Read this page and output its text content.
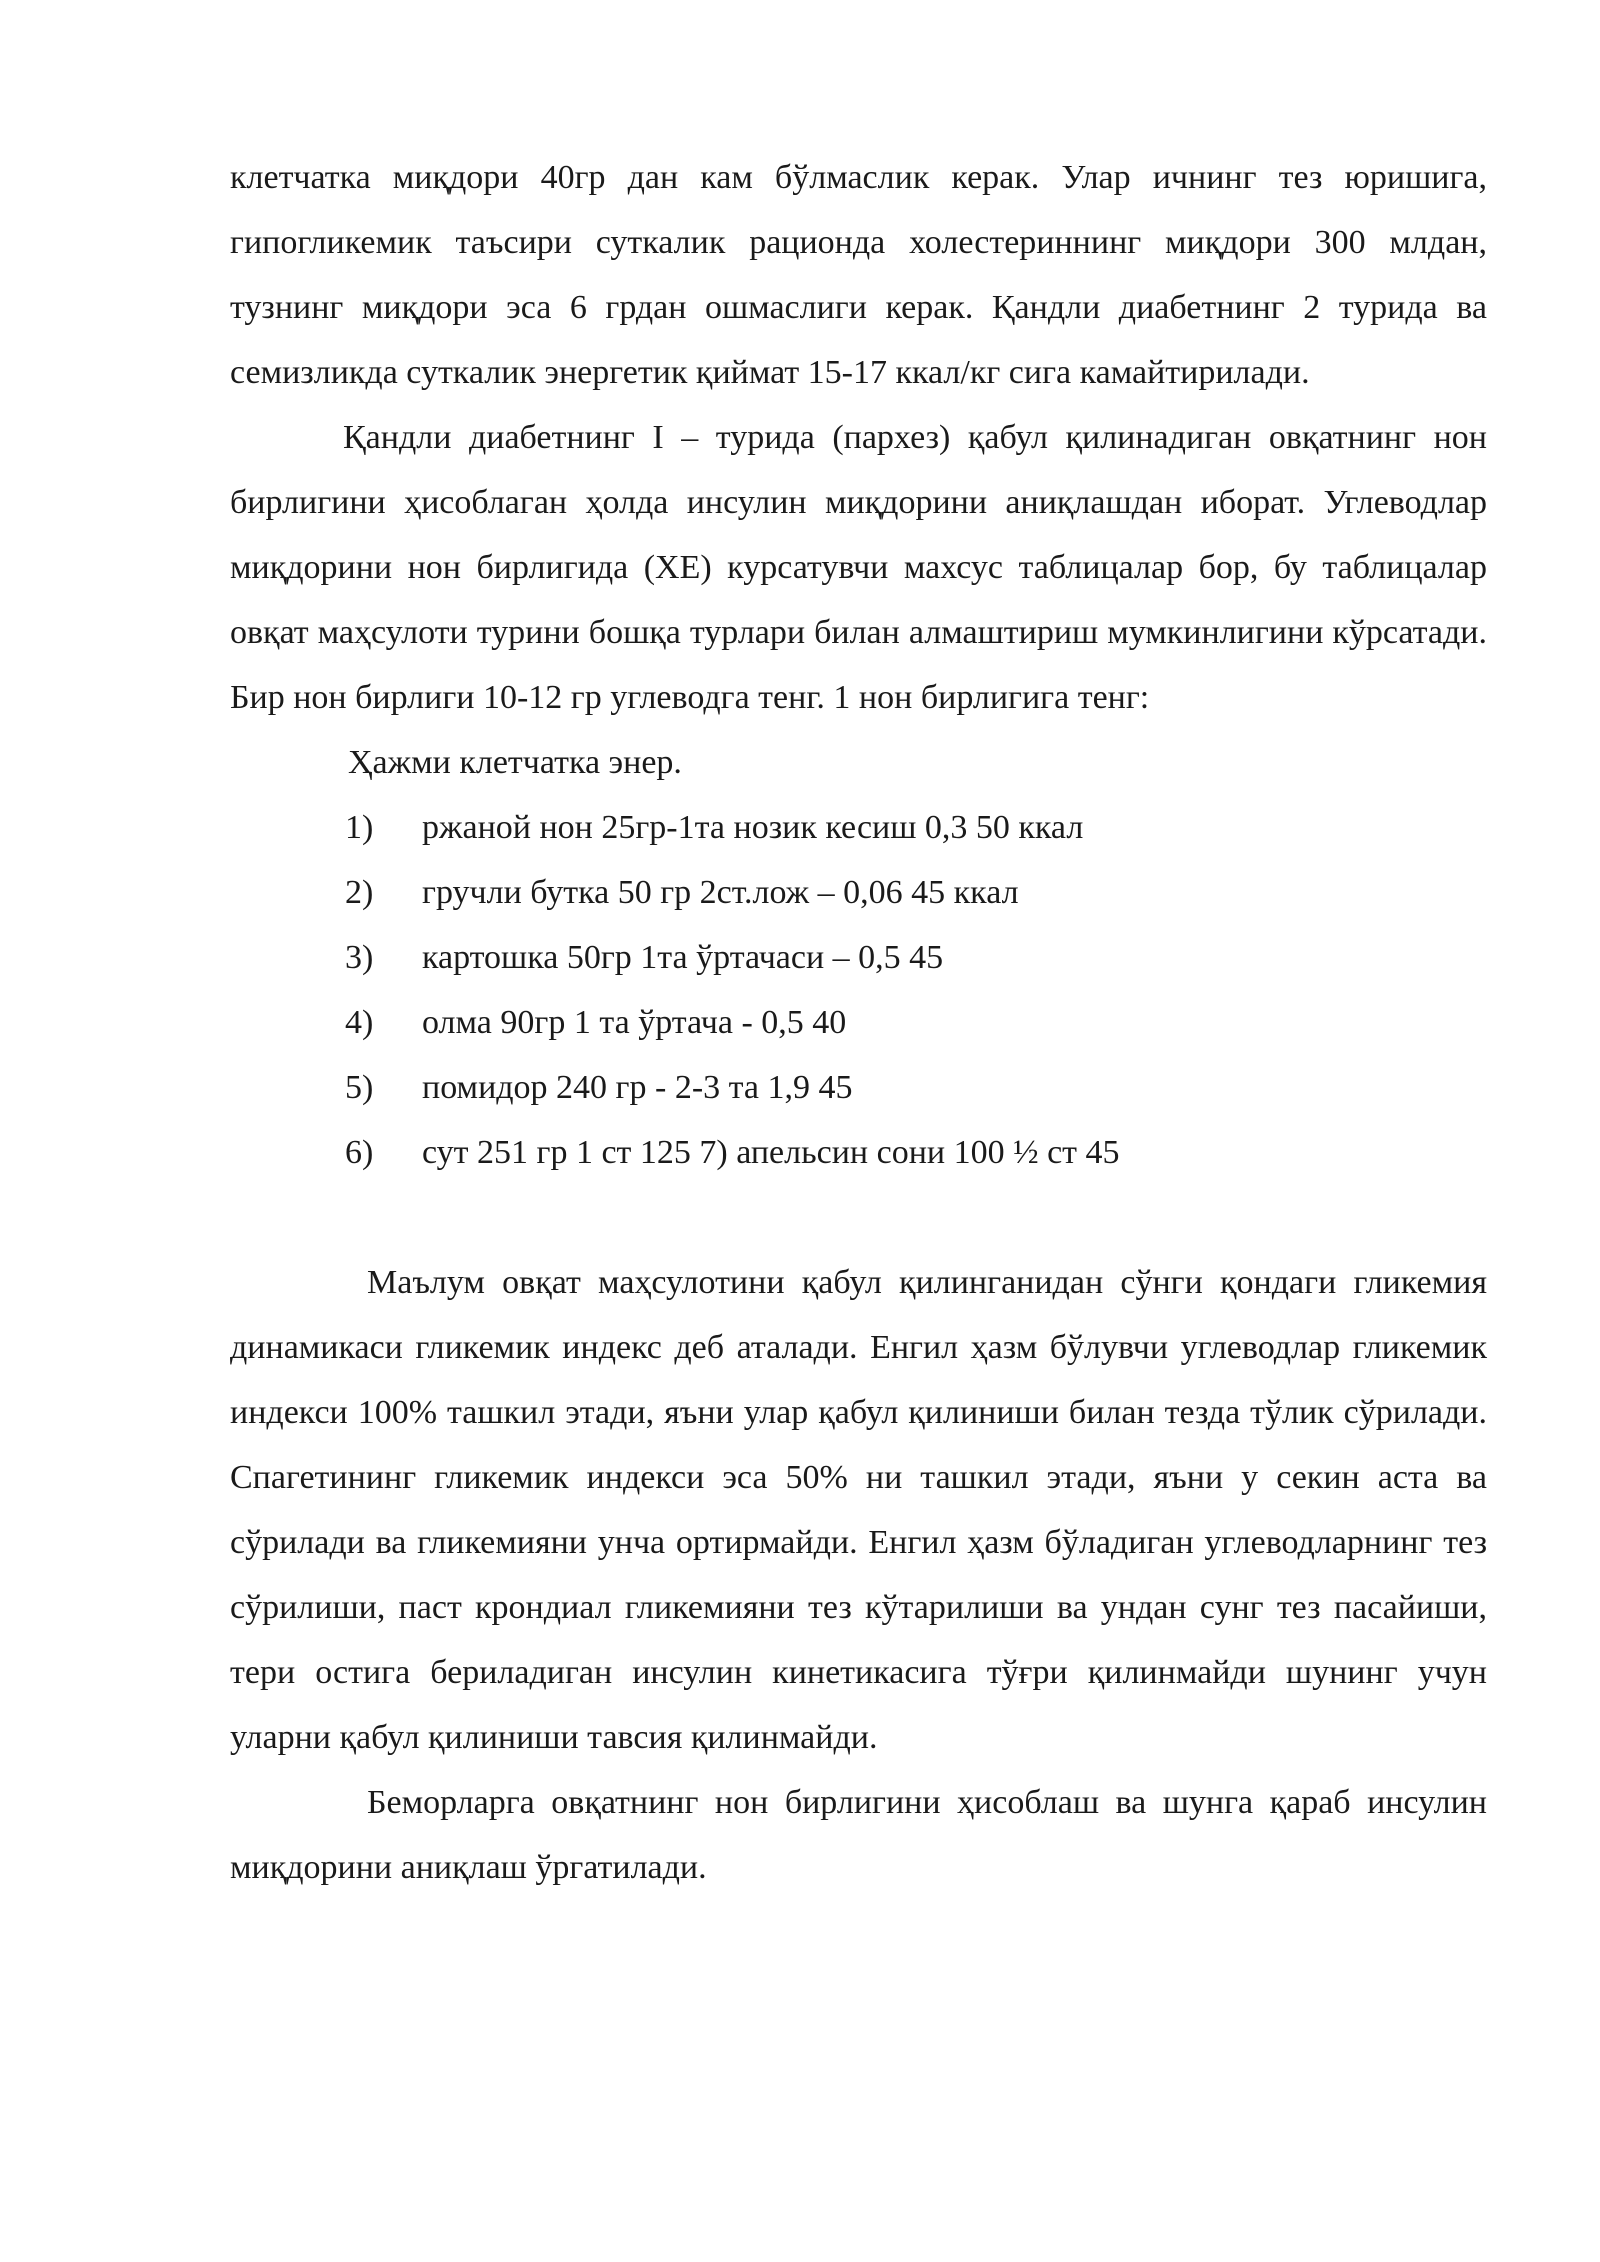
клетчатка миқдори 40гр дан кам бўлмаслик керак. Улар ичнинг тез юришига, гипогликемик таъсири суткалик рационда холестериннинг миқдори 300 млдан, тузнинг миқдори эса 6 грдан ошмаслиги керак. Қандли диабетнинг 2 турида ва семизликда суткалик энергетик қиймат 15-17 ккал/кг сига камайтирилади.

Қандли диабетнинг I – турида (пархез) қабул қилинадиган овқатнинг нон бирлигини ҳисоблаган ҳолда инсулин миқдорини аниқлашдан иборат. Углеводлар миқдорини нон бирлигида (ХЕ) курсатувчи махсус таблицалар бор, бу таблицалар овқат маҳсулоти турини бошқа турлари билан алмаштириш мумкинлигини кўрсатади. Бир нон бирлиги 10-12 гр углеводга тенг. 1 нон бирлигига тенг:

Ҳажми клетчатка энер.

1)	ржаной нон 25гр-1та нозик кесиш 0,3 50 ккал
2)	гручли бутка 50 гр 2ст.лож – 0,06 45 ккал
3)	картошка 50гр 1та ўртачаси – 0,5 45
4)	олма 90гр 1 та ўртача - 0,5 40
5)	помидор 240 гр - 2-3 та 1,9 45
6)	сут 251 гр 1 ст 125 7) апельсин сони 100 ½ ст 45

Маълум овқат маҳсулотини қабул қилинганидан сўнги қондаги гликемия динамикаси гликемик индекс деб аталади. Енгил ҳазм бўлувчи углеводлар гликемик индекси 100% ташкил этади, яъни улар қабул қилиниши билан тезда тўлик сўрилади. Спагетининг гликемик индекси эса 50% ни ташкил этади, яъни у секин аста ва сўрилади ва гликемияни унча ортирмайди. Енгил ҳазм бўладиган углеводларнинг тез сўрилиши, паст крондиал гликемияни тез кўтарилиши ва ундан сунг тез пасайиши, тери остига бериладиган инсулин кинетикасига тўғри қилинмайди шунинг учун уларни қабул қилиниши тавсия қилинмайди.

Беморларга овқатнинг нон бирлигини ҳисоблаш ва шунга қараб инсулин миқдорини аниқлаш ўргатилади.
